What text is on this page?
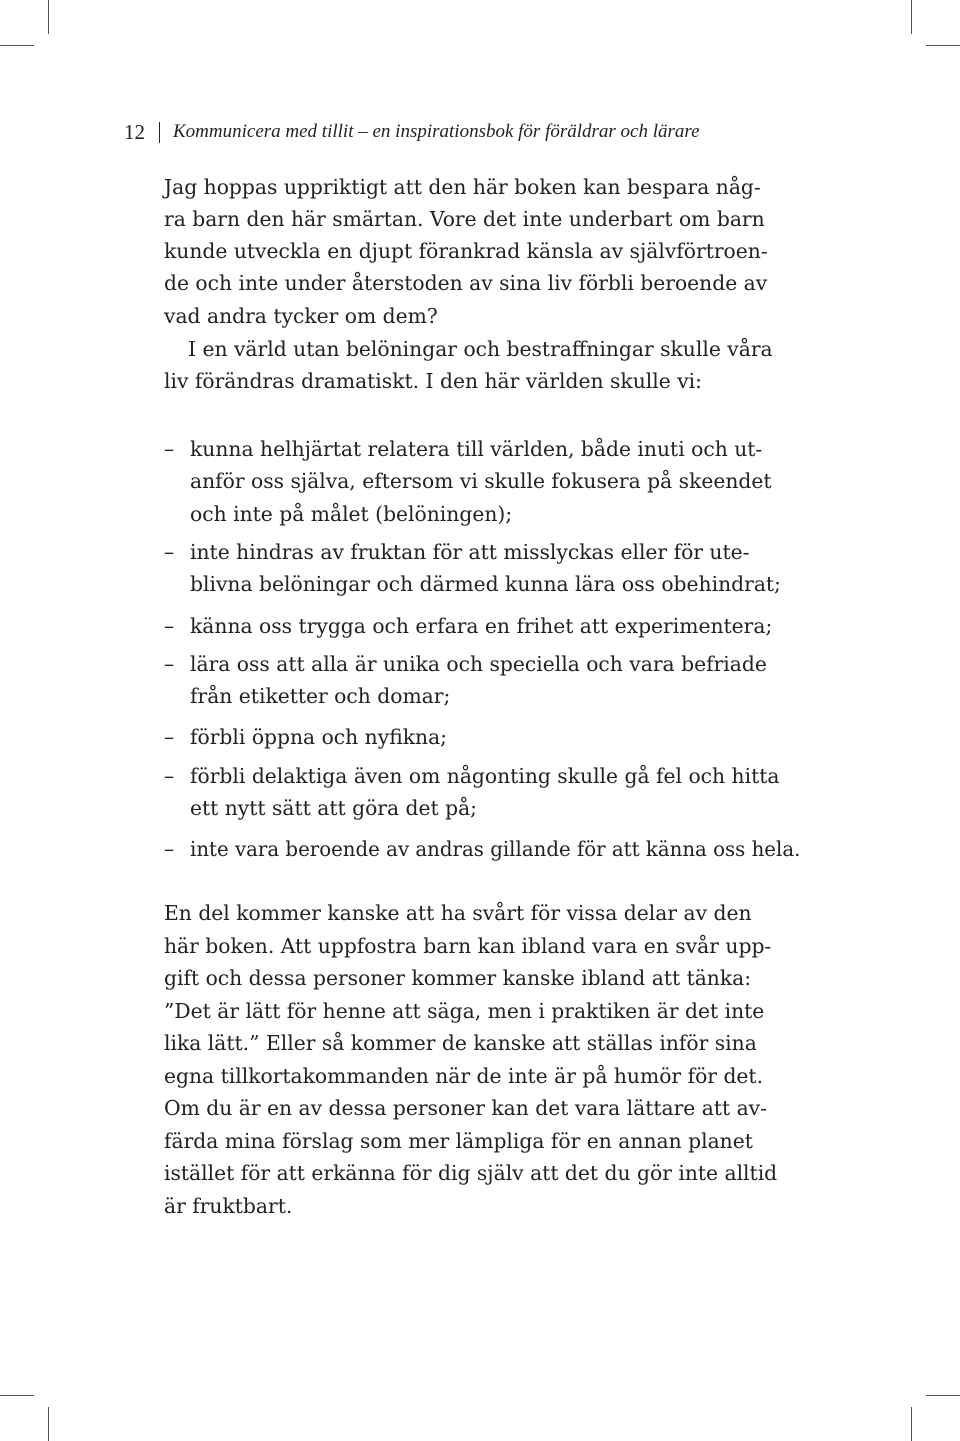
12 Kommunicera med tillit – en inspirationsbok för föräldrar och lärare
Jag hoppas uppriktigt att den här boken kan bespara någ-
ra barn den här smärtan. Vore det inte underbart om barn
kunde utveckla en djupt förankrad känsla av självförtroen-
de och inte under återstoden av sina liv förbli beroende av
vad andra tycker om dem?
I en värld utan belöningar och bestraffningar skulle våra
liv förändras dramatiskt. I den här världen skulle vi:
– kunna helhjärtat relatera till världen, både inuti och ut-
anför oss själva, eftersom vi skulle fokusera på skeendet
och inte på målet (belöningen);
– inte hindras av fruktan för att misslyckas eller för ute-
blivna belöningar och därmed kunna lära oss obehindrat;
– känna oss trygga och erfara en frihet att experimentera;
– lära oss att alla är unika och speciella och vara befriade
från etiketter och domar;
– förbli öppna och nyfikna;
– förbli delaktiga även om någonting skulle gå fel och hitta
ett nytt sätt att göra det på;
– inte vara beroende av andras gillande för att känna oss hela.
En del kommer kanske att ha svårt för vissa delar av den
här boken. Att uppfostra barn kan ibland vara en svår upp-
gift och dessa personer kommer kanske ibland att tänka:
”Det är lätt för henne att säga, men i praktiken är det inte
lika lätt.” Eller så kommer de kanske att ställas inför sina
egna tillkortakommanden när de inte är på humör för det.
Om du är en av dessa personer kan det vara lättare att av-
färda mina förslag som mer lämpliga för en annan planet
istället för att erkänna för dig själv att det du gör inte alltid
är fruktbart.
